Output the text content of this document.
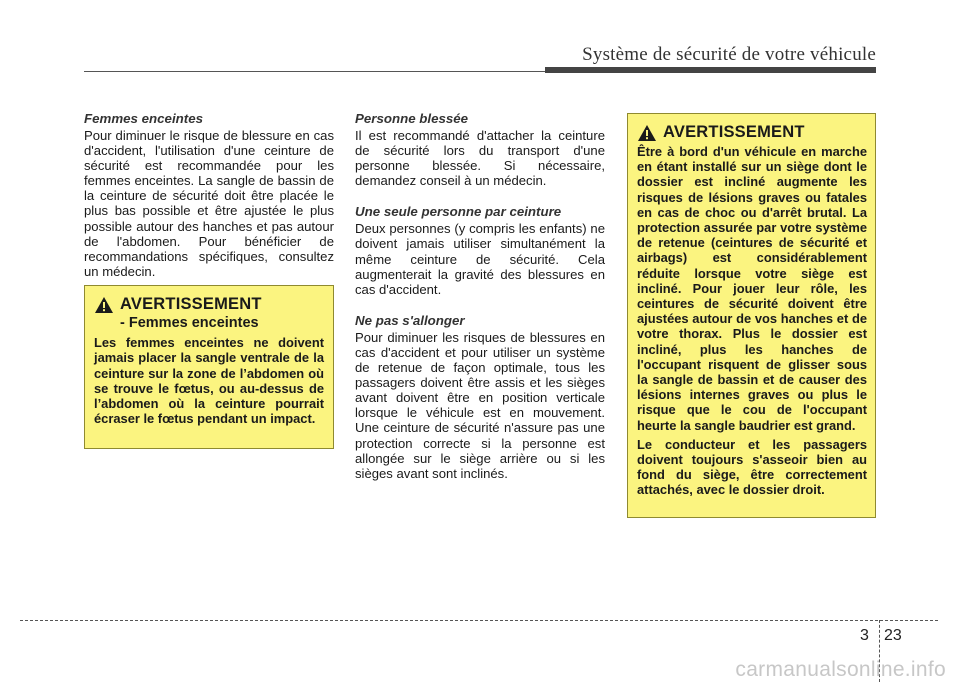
Système de sécurité de votre véhicule
Femmes enceintes

Pour diminuer le risque de blessure en cas d'accident, l'utilisation d'une ceinture de sécurité est recommandée pour les femmes enceintes. La sangle de bassin de la ceinture de sécurité doit être placée le plus bas possible et être ajustée le plus possible autour des hanches et pas autour de l'abdomen. Pour bénéficier de recommandations spécifiques, consultez un médecin.

AVERTISSEMENT
- Femmes enceintes

Les femmes enceintes ne doivent jamais placer la sangle ventrale de la ceinture sur la zone de l’abdomen où se trouve le fœtus, ou au-dessus de l’abdomen où la ceinture pourrait écraser le fœtus pendant un impact.

Personne blessée

Il est recommandé d'attacher la ceinture de sécurité lors du transport d'une personne blessée. Si nécessaire, demandez conseil à un médecin.

Une seule personne par ceinture

Deux personnes (y compris les enfants) ne doivent jamais utiliser simultanément la même ceinture de sécurité. Cela augmenterait la gravité des blessures en cas d'accident.

Ne pas s'allonger

Pour diminuer les risques de blessures en cas d'accident et pour utiliser un système de retenue de façon optimale, tous les passagers doivent être assis et les sièges avant doivent être en position verticale lorsque le véhicule est en mouvement. Une ceinture de sécurité n'assure pas une protection correcte si la personne est allongée sur le siège arrière ou si les sièges avant sont inclinés.

AVERTISSEMENT

Être à bord d'un véhicule en marche en étant installé sur un siège dont le dossier est incliné augmente les risques de lésions graves ou fatales en cas de choc ou d'arrêt brutal. La protection assurée par votre système de retenue (ceintures de sécurité et airbags) est considérablement réduite lorsque votre siège est incliné. Pour jouer leur rôle, les ceintures de sécurité doivent être ajustées autour de vos hanches et de votre thorax. Plus le dossier est incliné, plus les hanches de l'occupant risquent de glisser sous la sangle de bassin et de causer des lésions internes graves ou plus le risque que le cou de l'occupant heurte la sangle baudrier est grand.

Le conducteur et les passagers doivent toujours s'asseoir bien au fond du siège, être correctement attachés, avec le dossier droit.

3 23
carmanualsonline.info
